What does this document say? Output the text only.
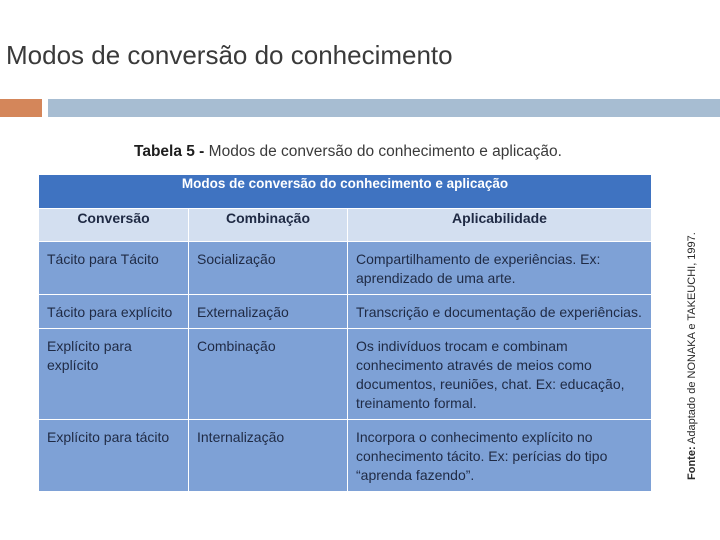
Modos de conversão do conhecimento
Tabela 5 - Modos de conversão do conhecimento e aplicação.
Modos de conversão do conhecimento e aplicação		
Conversão	Combinação	Aplicabilidade
Tácito para Tácito	Socialização	Compartilhamento de experiências. Ex: aprendizado de uma arte.
Tácito para explícito	Externalização	Transcrição e documentação de experiências.
Explícito para explícito	Combinação	Os indivíduos trocam e combinam conhecimento através de meios como documentos, reuniões, chat. Ex: educação, treinamento formal.
Explícito para tácito	Internalização	Incorpora o conhecimento explícito no conhecimento tácito. Ex: perícias do tipo “aprenda fazendo”.	Fonte: Adaptado de NONAKA e TAKEUCHI, 1997.
